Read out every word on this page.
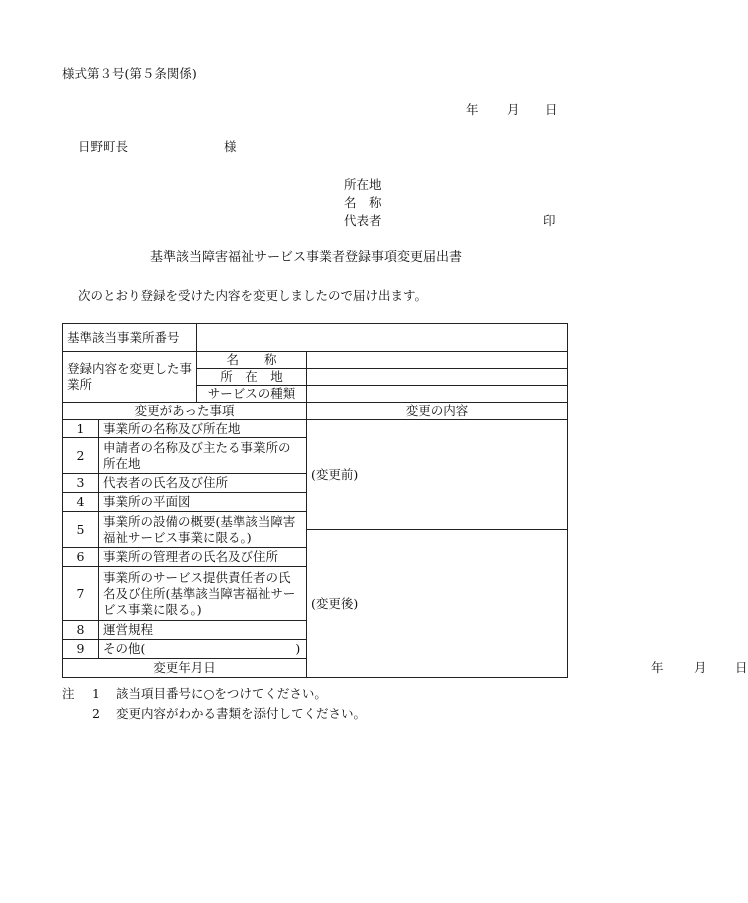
様式第３号(第５条関係)
年 月 日
日野町長	様
所在地
名　称
代表者	印
基準該当障害福祉サービス事業者登録事項変更届出書
次のとおり登録を受けた内容を変更しましたので届け出ます。
基準該当事業所番号				
登録内容を変更した事業所		名　　称		
		所　在　地		
		サービスの種類		
変更があった事項			変更の内容	
1	事業所の名称及び所在地		(変更前)	
2	申請者の名称及び主たる事業所の所在地			
3	代表者の氏名及び住所			
4	事業所の平面図			
5	事業所の設備の概要(基準該当障害福祉サービス事業に限る。)			
			(変更後)	
6	事業所の管理者の氏名及び住所			
7	事業所のサービス提供責任者の氏名及び住所(基準該当障害福祉サービス事業に限る。)			
8	運営規程			
9	その他(　　　　　　　　　　　　)			
変更年月日				年 月 日
注 1 該当項目番号に○をつけてください。
2 変更内容がわかる書類を添付してください。
